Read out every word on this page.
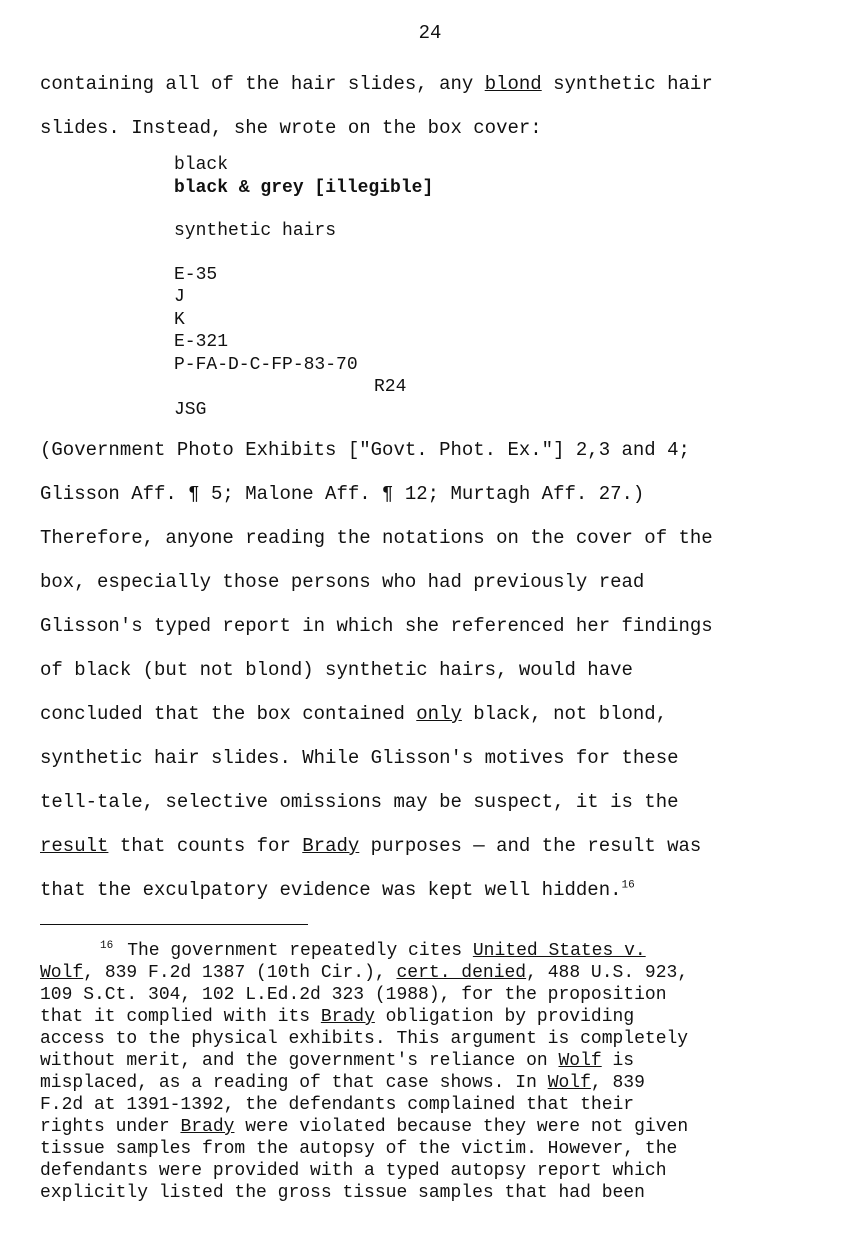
24

containing all of the hair slides, any blond synthetic hair

slides. Instead, she wrote on the box cover:

black
black & grey [illegible]
synthetic hairs
E-35
J
K
E-321
P-FA-D-C-FP-83-70
R24
JSG

(Government Photo Exhibits ["Govt. Phot. Ex."] 2,3 and 4;

Glisson Aff. ¶ 5; Malone Aff. ¶ 12; Murtagh Aff. 27.)

Therefore, anyone reading the notations on the cover of the

box, especially those persons who had previously read

Glisson's typed report in which she referenced her findings

of black (but not blond) synthetic hairs, would have

concluded that the box contained only black, not blond,

synthetic hair slides. While Glisson's motives for these

tell-tale, selective omissions may be suspect, it is the

result that counts for Brady purposes — and the result was

that the exculpatory evidence was kept well hidden.$^{16}$

$^{16}$ The government repeatedly cites United States v.

Wolf, 839 F.2d 1387 (10th Cir.), cert. denied, 488 U.S. 923,

109 S.Ct. 304, 102 L.Ed.2d 323 (1988), for the proposition

that it complied with its Brady obligation by providing

access to the physical exhibits. This argument is completely

without merit, and the government's reliance on Wolf is

misplaced, as a reading of that case shows. In Wolf, 839

F.2d at 1391-1392, the defendants complained that their

rights under Brady were violated because they were not given

tissue samples from the autopsy of the victim. However, the

defendants were provided with a typed autopsy report which

explicitly listed the gross tissue samples that had been
